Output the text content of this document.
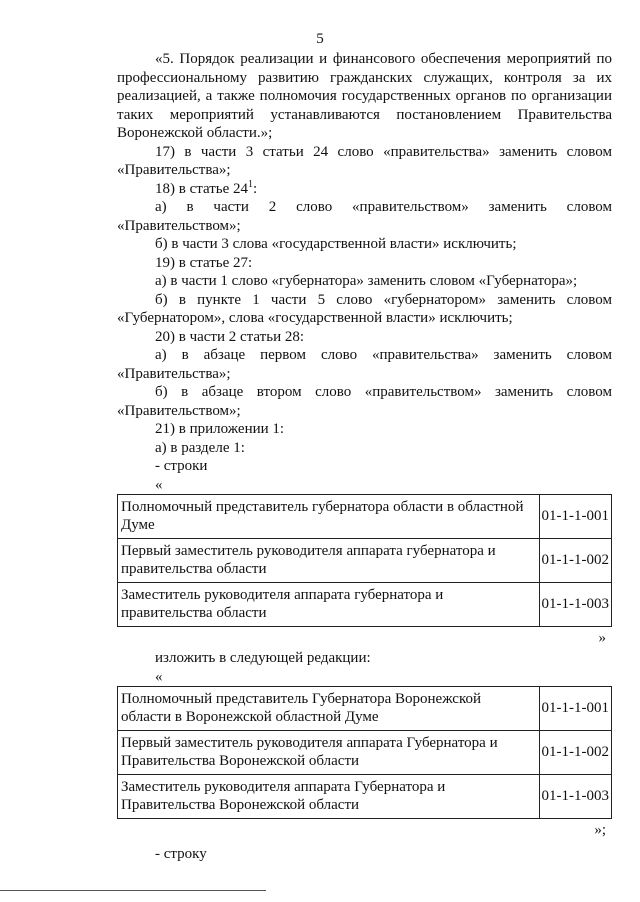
5

«5. Порядок реализации и финансового обеспечения мероприятий по профессиональному развитию гражданских служащих, контроля за их реализацией, а также полномочия государственных органов по организации таких мероприятий устанавливаются постановлением Правительства Воронежской области.»;

17) в части 3 статьи 24 слово «правительства» заменить словом «Правительства»;

18) в статье $24^1$:

а) в части 2 слово «правительством» заменить словом «Правительством»;

б) в части 3 слова «государственной власти» исключить;

19) в статье 27:

а) в части 1 слово «губернатора» заменить словом «Губернатора»;

б) в пункте 1 части 5 слово «губернатором» заменить словом «Губернатором», слова «государственной власти» исключить;

20) в части 2 статьи 28:

а) в абзаце первом слово «правительства» заменить словом «Правительства»;

б) в абзаце втором слово «правительством» заменить словом «Правительством»;

21) в приложении 1:

а) в разделе 1:

- строки

«

Полномочный представитель губернатора области в областной Думе	01-1-1-001
Первый заместитель руководителя аппарата губернатора и правительства области	01-1-1-002
Заместитель руководителя аппарата губернатора и правительства области	01-1-1-003
»

изложить в следующей редакции:

«

Полномочный представитель Губернатора Воронежской области в Воронежской областной Думе	01-1-1-001
Первый заместитель руководителя аппарата Губернатора и Правительства Воронежской области	01-1-1-002
Заместитель руководителя аппарата Губернатора и Правительства Воронежской области	01-1-1-003
»;

- строку
